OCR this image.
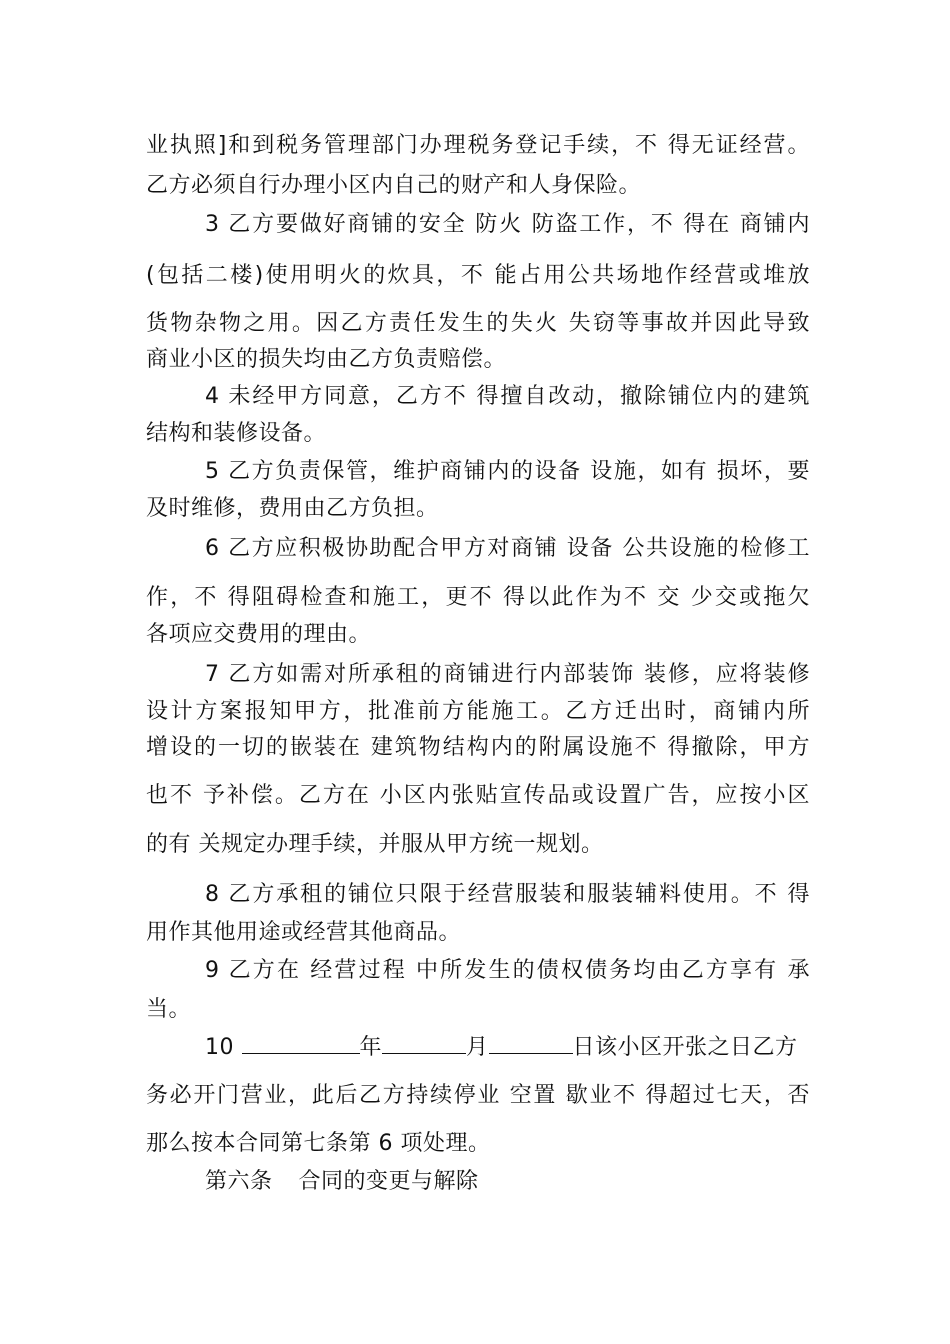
业执照]和到税务管理部门办理税务登记手续，不 得无证经营。
乙方必须自行办理小区内自己的财产和人身保险。
3 乙方要做好商铺的安全 防火 防盗工作，不 得在 商铺内
(包括二楼)使用明火的炊具，不 能占用公共场地作经营或堆放
货物杂物之用。因乙方责任发生的失火 失窃等事故并因此导致
商业小区的损失均由乙方负责赔偿。
4 未经甲方同意，乙方不 得擅自改动，撤除铺位内的建筑
结构和装修设备。
5 乙方负责保管，维护商铺内的设备 设施，如有 损坏，要
及时维修，费用由乙方负担。
6 乙方应积极协助配合甲方对商铺 设备 公共设施的检修工
作，不 得阻碍检查和施工，更不 得以此作为不 交 少交或拖欠
各项应交费用的理由。
7 乙方如需对所承租的商铺进行内部装饰 装修，应将装修
设计方案报知甲方，批准前方能施工。乙方迁出时，商铺内所
增设的一切的嵌装在 建筑物结构内的附属设施不 得撤除，甲方
也不 予补偿。乙方在 小区内张贴宣传品或设置广告，应按小区
的有 关规定办理手续，并服从甲方统一规划。
8 乙方承租的铺位只限于经营服装和服装辅料使用。不 得
用作其他用途或经营其他商品。
9 乙方在 经营过程 中所发生的债权债务均由乙方享有 承
当。
10	年	月	日该小区开张之日乙方
务必开门营业，此后乙方持续停业 空置 歇业不 得超过七天，否
那么按本合同第七条第 6 项处理。
第六条 合同的变更与解除
